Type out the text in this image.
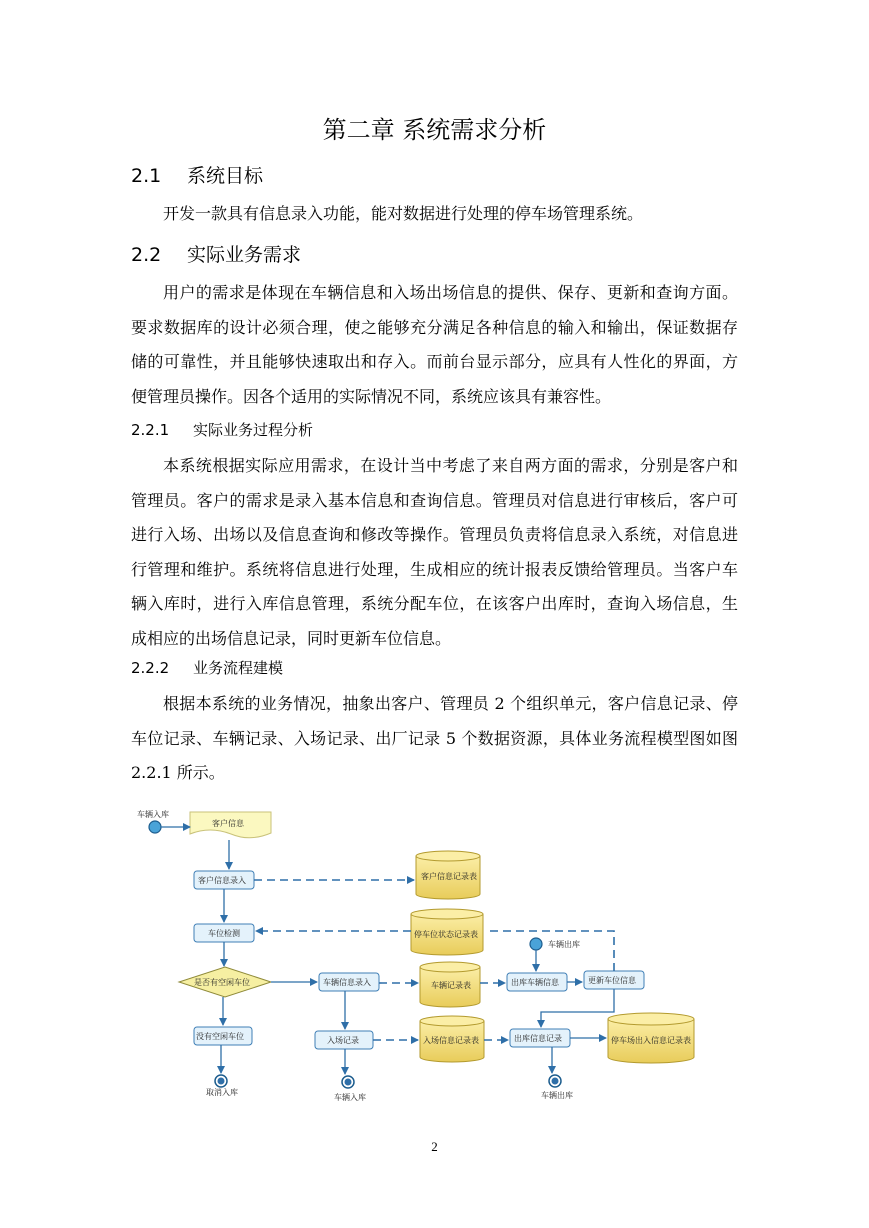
第二章 系统需求分析
2.1 系统目标
开发一款具有信息录入功能，能对数据进行处理的停车场管理系统。
2.2 实际业务需求
用户的需求是体现在车辆信息和入场出场信息的提供、保存、更新和查询方面。要求数据库的设计必须合理，使之能够充分满足各种信息的输入和输出，保证数据存储的可靠性，并且能够快速取出和存入。而前台显示部分，应具有人性化的界面，方便管理员操作。因各个适用的实际情况不同，系统应该具有兼容性。
2.2.1 实际业务过程分析
本系统根据实际应用需求，在设计当中考虑了来自两方面的需求，分别是客户和管理员。客户的需求是录入基本信息和查询信息。管理员对信息进行审核后，客户可进行入场、出场以及信息查询和修改等操作。管理员负责将信息录入系统，对信息进行管理和维护。系统将信息进行处理，生成相应的统计报表反馈给管理员。当客户车辆入库时，进行入库信息管理，系统分配车位，在该客户出库时，查询入场信息，生成相应的出场信息记录，同时更新车位信息。
2.2.2 业务流程建模
根据本系统的业务情况，抽象出客户、管理员 2 个组织单元，客户信息记录、停车位记录、车辆记录、入场记录、出厂记录 5 个数据资源，具体业务流程模型图如图 2.2.1 所示。
车辆入库
客户信息
客户信息录入
车位检测
是否有空闲车位	车辆信息录入
没有空闲车位	入场记录
出库车辆信息	更新车位信息
出库信息记录
客户信息记录表
停车位状态记录表
车辆记录表
入场信息记录表	停车场出入信息记录表
车辆出库
取消入库
车辆入库	车辆出库
2
